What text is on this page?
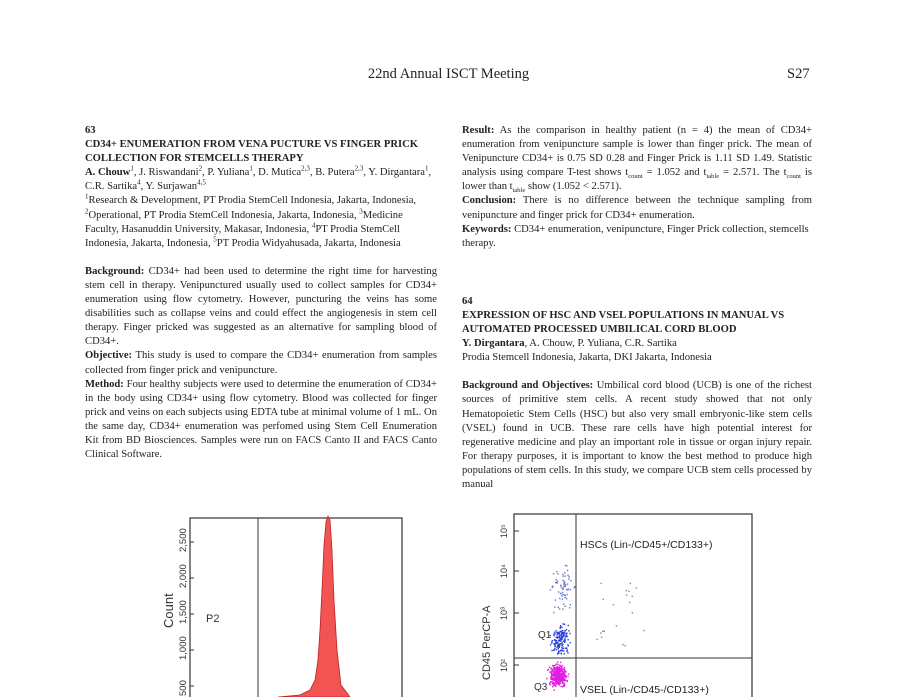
22nd Annual ISCT Meeting	S27
63
CD34+ ENUMERATION FROM VENA PUCTURE VS FINGER PRICK COLLECTION FOR STEMCELLS THERAPY
A. Chouw$^1$, J. Riswandani$^2$, P. Yuliana$^1$, D. Mutica$^{2,3}$, B. Putera$^{2,3}$, Y. Dirgantara$^1$, C.R. Sartika$^4$, Y. Surjawan$^{4,5}$
$^1$Research & Development, PT Prodia StemCell Indonesia, Jakarta, Indonesia, $^2$Operational, PT Prodia StemCell Indonesia, Jakarta, Indonesia, $^3$Medicine Faculty, Hasanuddin University, Makasar, Indonesia, $^4$PT Prodia StemCell Indonesia, Jakarta, Indonesia, $^5$PT Prodia Widyahusada, Jakarta, Indonesia
Background: CD34+ had been used to determine the right time for harvesting stem cell in therapy. Venipunctured usually used to collect samples for CD34+ enumeration using flow cytometry. However, puncturing the veins has some disabilities such as collapse veins and could effect the angiogenesis in stem cell therapy. Finger pricked was suggested as an alternative for sampling blood of CD34+.
Objective: This study is used to compare the CD34+ enumeration from samples collected from finger prick and venipuncture.
Method: Four healthy subjects were used to determine the enumeration of CD34+ in the body using CD34+ using flow cytometry. Blood was collected for finger prick and veins on each subjects using EDTA tube at minimal volume of 1 mL. On the same day, CD34+ enumeration was perfomed using Stem Cell Enumeration Kit from BD Biosciences. Samples were run on FACS Canto II and FACS Canto Clinical Software.
Result: As the comparison in healthy patient (n = 4) the mean of CD34+ enumeration from venipuncture sample is lower than finger prick. The mean of Venipuncture CD34+ is 0.75 SD 0.28 and Finger Prick is 1.11 SD 1.49. Statistic analysis using compare T-test shows $t_{count} = 1.052$ and $t_{table} = 2.571$. The $t_{count}$ is lower than $t_{table}$ show (1.052 < 2.571).
Conclusion: There is no difference between the technique sampling from venipuncture and finger prick for CD34+ enumeration.
Keywords: CD34+ enumeration, venipuncture, Finger Prick collection, stemcells therapy.
64
EXPRESSION OF HSC AND VSEL POPULATIONS IN MANUAL VS AUTOMATED PROCESSED UMBILICAL CORD BLOOD
Y. Dirgantara, A. Chouw, P. Yuliana, C.R. Sartika
Prodia Stemcell Indonesia, Jakarta, DKI Jakarta, Indonesia
Background and Objectives: Umbilical cord blood (UCB) is one of the richest sources of primitive stem cells. A recent study showed that not only Hematopoietic Stem Cells (HSC) but also very small embryonic-like stem cells (VSEL) found in UCB. These rare cells have high potential interest for regenerative medicine and play an important role in tissue or organ injury repair. For therapy purposes, it is important to know the best method to produce high populations of stem cells. In this study, we compare UCB stem cells processed by manual
Count
500
1,000
1,500
2,000
2,500
P2	CD45 PerCP-A 10²
10³
10⁴
10⁵
HSCs (Lin-/CD45+/CD133+)
VSEL (Lin-/CD45-/CD133+)
Q1
Q3
